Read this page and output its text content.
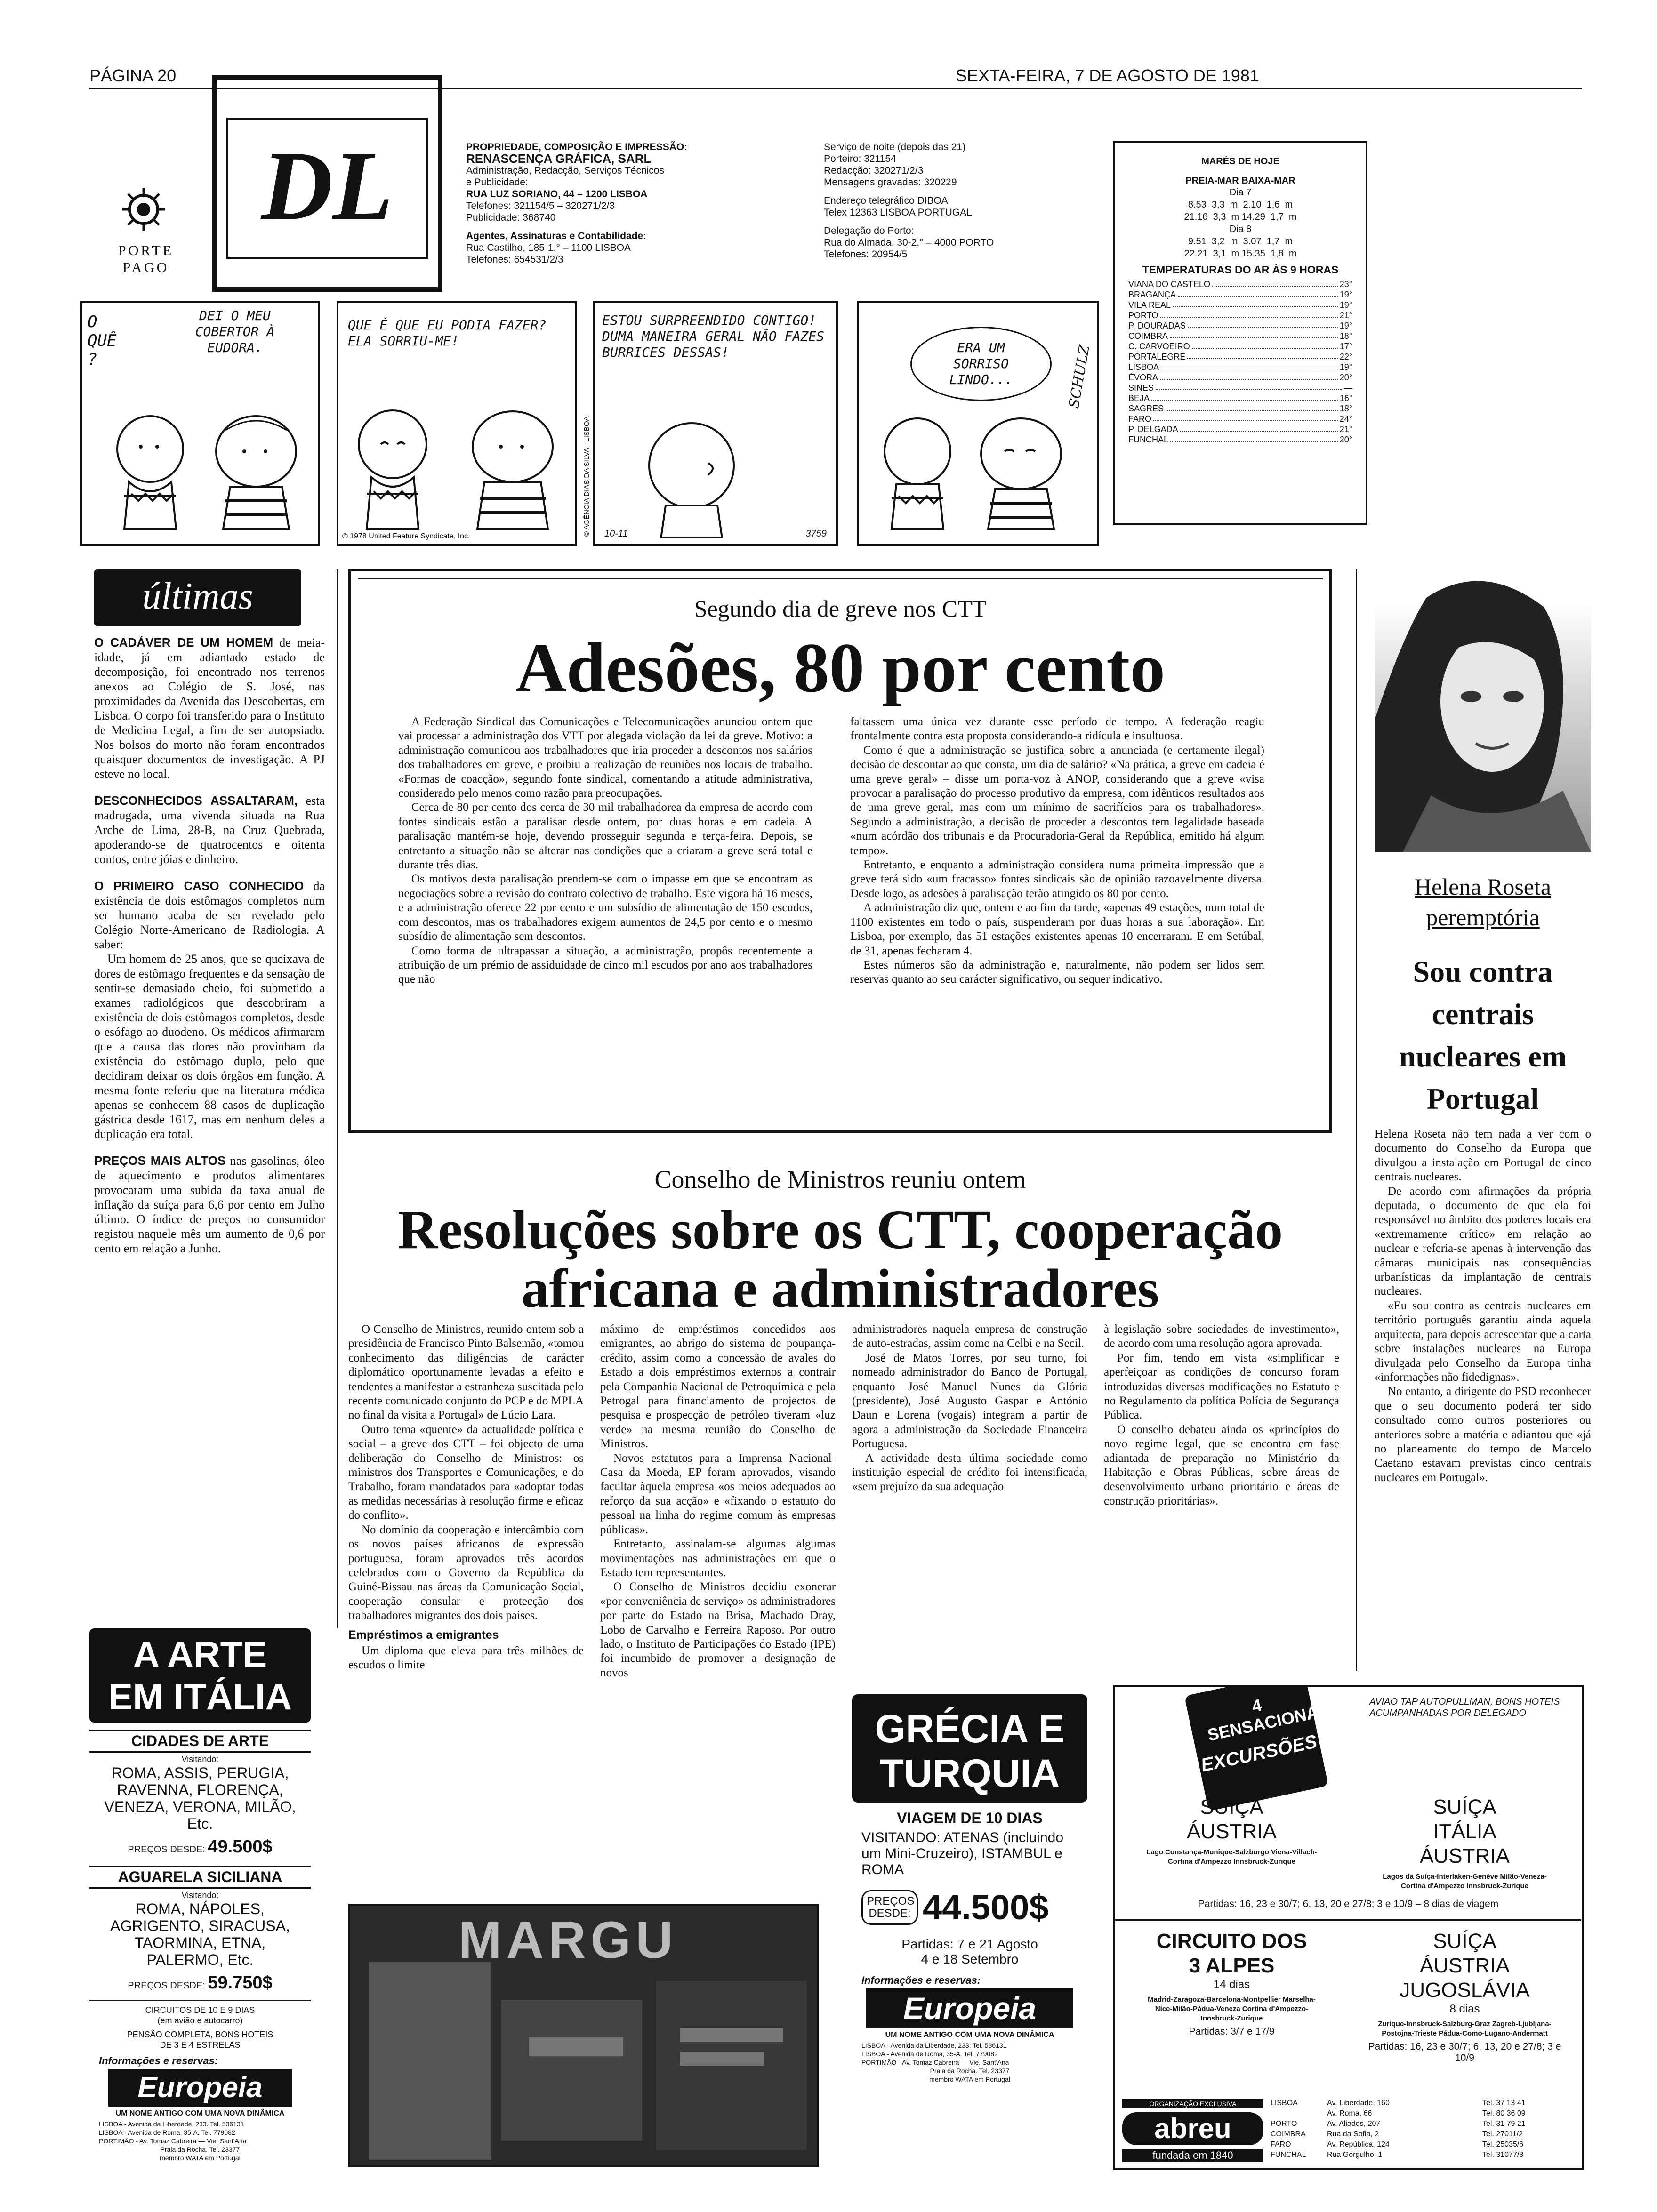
PÁGINA 20	SEXTA-FEIRA, 7 DE AGOSTO DE 1981
PORTE PAGO
DL	PROPRIEDADE, COMPOSIÇÃO E IMPRESSÃO:
RENASCENÇA GRÁFICA, SARL
Administração, Redacção, Serviços Técnicos
e Publicidade:
RUA LUZ SORIANO, 44 – 1200 LISBOA
Telefones: 321154/5 – 320271/2/3
Publicidade: 368740
Agentes, Assinaturas e Contabilidade:
Rua Castilho, 185-1.° – 1100 LISBOA
Telefones: 654531/2/3
Serviço de noite (depois das 21)
Porteiro: 321154
Redacção: 320271/2/3
Mensagens gravadas: 320229
Endereço telegráfico DIBOA
Telex 12363 LISBOA PORTUGAL
Delegação do Porto:
Rua do Almada, 30-2.° – 4000 PORTO
Telefones: 20954/5
MARÉS DE HOJE
PREIA-MAR BAIXA-MAR
Dia 7
8.53  3,3  m  2.10  1,6  m
21.16  3,3  m 14.29  1,7  m
Dia 8
9.51  3,2  m  3.07  1,7  m
22.21  3,1  m 15.35  1,8  m
TEMPERATURAS DO AR ÀS 9 HORAS
VIANA DO CASTELO	23°
BRAGANÇA	19°
VILA REAL	19°
PORTO	21°
P. DOURADAS	19°
COIMBRA	18°
C. CARVOEIRO	17°
PORTALEGRE	22°
LISBOA	19°
ÉVORA	20°
SINES	—
BEJA	16°
SAGRES	18°
FARO	24°
P. DELGADA	21°
FUNCHAL	20°
O QUÊ ?
DEI O MEU COBERTOR À EUDORA.
QUE É QUE EU PODIA FAZER? ELA SORRIU-ME!
© 1978 United Feature Syndicate, Inc.	© AGÊNCIA DIAS DA SILVA - LISBOA
ESTOU SURPREENDIDO CONTIGO! DUMA MANEIRA GERAL NÃO FAZES BURRICES DESSAS!
10-11	3759
ERA UM SORRISO LINDO...	SCHULZ
últimas

O CADÁVER DE UM HOMEM de meia-idade, já em adiantado estado de decomposição, foi encontrado nos terrenos anexos ao Colégio de S. José, nas proximidades da Avenida das Descobertas, em Lisboa. O corpo foi transferido para o Instituto de Medicina Legal, a fim de ser autopsiado. Nos bolsos do morto não foram encontrados quaisquer documentos de investigação. A PJ esteve no local.

DESCONHECIDOS ASSALTARAM, esta madrugada, uma vivenda situada na Rua Arche de Lima, 28-B, na Cruz Quebrada, apoderando-se de quatrocentos e oitenta contos, entre jóias e dinheiro.

O PRIMEIRO CASO CONHECIDO da existência de dois estômagos completos num ser humano acaba de ser revelado pelo Colégio Norte-Americano de Radiologia. A saber:

Um homem de 25 anos, que se queixava de dores de estômago frequentes e da sensação de sentir-se demasiado cheio, foi submetido a exames radiológicos que descobriram a existência de dois estômagos completos, desde o esófago ao duodeno. Os médicos afirmaram que a causa das dores não provinham da existência do estômago duplo, pelo que decidiram deixar os dois órgãos em função. A mesma fonte referiu que na literatura médica apenas se conhecem 88 casos de duplicação gástrica desde 1617, mas em nenhum deles a duplicação era total.

PREÇOS MAIS ALTOS nas gasolinas, óleo de aquecimento e produtos alimentares provocaram uma subida da taxa anual de inflação da suíça para 6,6 por cento em Julho último. O índice de preços no consumidor registou naquele mês um aumento de 0,6 por cento em relação a Junho.

Segundo dia de greve nos CTT
Adesões, 80 por cento

A Federação Sindical das Comunicações e Telecomunicações anunciou ontem que vai processar a administração dos VTT por alegada violação da lei da greve. Motivo: a administração comunicou aos trabalhadores que iria proceder a descontos nos salários dos trabalhadores em greve, e proibiu a realização de reuniões nos locais de trabalho. «Formas de coacção», segundo fonte sindical, comentando a atitude administrativa, considerado pelo menos como razão para preocupações.

Cerca de 80 por cento dos cerca de 30 mil trabalhadorea da empresa de acordo com fontes sindicais estão a paralisar desde ontem, por duas horas e em cadeia. A paralisação mantém-se hoje, devendo prosseguir segunda e terça-feira. Depois, se entretanto a situação não se alterar nas condições que a criaram a greve será total e durante três dias.

Os motivos desta paralisação prendem-se com o impasse em que se encontram as negociações sobre a revisão do contrato colectivo de trabalho. Este vigora há 16 meses, e a administração oferece 22 por cento e um subsídio de alimentação de 150 escudos, com descontos, mas os trabalhadores exigem aumentos de 24,5 por cento e o mesmo subsídio de alimentação sem descontos.

Como forma de ultrapassar a situação, a administração, propôs recentemente a atribuição de um prémio de assiduidade de cinco mil escudos por ano aos trabalhadores que não

faltassem uma única vez durante esse período de tempo. A federação reagiu frontalmente contra esta proposta considerando-a ridícula e insultuosa.

Como é que a administração se justifica sobre a anunciada (e certamente ilegal) decisão de descontar ao que consta, um dia de salário? «Na prática, a greve em cadeia é uma greve geral» – disse um porta-voz à ANOP, considerando que a greve «visa provocar a paralisação do processo produtivo da empresa, com idênticos resultados aos de uma greve geral, mas com um mínimo de sacrifícios para os trabalhadores». Segundo a administração, a decisão de proceder a descontos tem legalidade baseada «num acórdão dos tribunais e da Procuradoria-Geral da República, emitido há algum tempo».

Entretanto, e enquanto a administração considera numa primeira impressão que a greve terá sido «um fracasso» fontes sindicais são de opinião razoavelmente diversa. Desde logo, as adesões à paralisação terão atingido os 80 por cento.

A administração diz que, ontem e ao fim da tarde, «apenas 49 estações, num total de 1100 existentes em todo o país, suspenderam por duas horas a sua laboração». Em Lisboa, por exemplo, das 51 estações existentes apenas 10 encerraram. E em Setúbal, de 31, apenas fecharam 4.

Estes números são da administração e, naturalmente, não podem ser lidos sem reservas quanto ao seu carácter significativo, ou sequer indicativo.

Conselho de Ministros reuniu ontem
Resoluções sobre os CTT, cooperação africana e administradores

O Conselho de Ministros, reunido ontem sob a presidência de Francisco Pinto Balsemão, «tomou conhecimento das diligências de carácter diplomático oportunamente levadas a efeito e tendentes a manifestar a estranheza suscitada pelo recente comunicado conjunto do PCP e do MPLA no final da visita a Portugal» de Lúcio Lara.

Outro tema «quente» da actualidade política e social – a greve dos CTT – foi objecto de uma deliberação do Conselho de Ministros: os ministros dos Transportes e Comunicações, e do Trabalho, foram mandatados para «adoptar todas as medidas necessárias à resolução firme e eficaz do conflito».

No domínio da cooperação e intercâmbio com os novos países africanos de expressão portuguesa, foram aprovados três acordos celebrados com o Governo da República da Guiné-Bissau nas áreas da Comunicação Social, cooperação consular e protecção dos trabalhadores migrantes dos dois países.

Empréstimos a emigrantes

Um diploma que eleva para três milhões de escudos o limite

máximo de empréstimos concedidos aos emigrantes, ao abrigo do sistema de poupança-crédito, assim como a concessão de avales do Estado a dois empréstimos externos a contrair pela Companhia Nacional de Petroquímica e pela Petrogal para financiamento de projectos de pesquisa e prospecção de petróleo tiveram «luz verde» na mesma reunião do Conselho de Ministros.

Novos estatutos para a Imprensa Nacional-Casa da Moeda, EP foram aprovados, visando facultar àquela empresa «os meios adequados ao reforço da sua acção» e «fixando o estatuto do pessoal na linha do regime comum às empresas públicas».

Entretanto, assinalam-se algumas algumas movimentações nas administrações em que o Estado tem representantes.

O Conselho de Ministros decidiu exonerar «por conveniência de serviço» os administradores por parte do Estado na Brisa, Machado Dray, Lobo de Carvalho e Ferreira Raposo. Por outro lado, o Instituto de Participações do Estado (IPE) foi incumbido de promover a designação de novos

administradores naquela empresa de construção de auto-estradas, assim como na Celbi e na Secil.

José de Matos Torres, por seu turno, foi nomeado administrador do Banco de Portugal, enquanto José Manuel Nunes da Glória (presidente), José Augusto Gaspar e António Daun e Lorena (vogais) integram a partir de agora a administração da Sociedade Financeira Portuguesa.

A actividade desta última sociedade como instituição especial de crédito foi intensificada, «sem prejuízo da sua adequação

à legislação sobre sociedades de investimento», de acordo com uma resolução agora aprovada.

Por fim, tendo em vista «simplificar e aperfeiçoar as condições de concurso foram introduzidas diversas modificações no Estatuto e no Regulamento da política Polícia de Segurança Pública.

O conselho debateu ainda os «princípios do novo regime legal, que se encontra em fase adiantada de preparação no Ministério da Habitação e Obras Públicas, sobre áreas de desenvolvimento urbano prioritário e áreas de construção prioritárias».

Helena Roseta
peremptória
Sou contra centrais nucleares em Portugal

Helena Roseta não tem nada a ver com o documento do Conselho da Europa que divulgou a instalação em Portugal de cinco centrais nucleares.

De acordo com afirmações da própria deputada, o documento de que ela foi responsável no âmbito dos poderes locais era «extremamente crítico» em relação ao nuclear e referia-se apenas à intervenção das câmaras municipais nas consequências urbanísticas da implantação de centrais nucleares.

«Eu sou contra as centrais nucleares em território português garantiu ainda aquela arquitecta, para depois acrescentar que a carta sobre instalações nucleares na Europa divulgada pelo Conselho da Europa tinha «informações não fidedignas».

No entanto, a dirigente do PSD reconhecer que o seu documento poderá ter sido consultado como outros posteriores ou anteriores sobre a matéria e adiantou que «já no planeamento do tempo de Marcelo Caetano estavam previstas cinco centrais nucleares em Portugal».

A ARTE
EM ITÁLIA
CIDADES DE ARTE
Visitando:
ROMA, ASSIS, PERUGIA, RAVENNA, FLORENÇA, VENEZA, VERONA, MILÃO, Etc.
PREÇOS DESDE: 49.500$
AGUARELA SICILIANA
Visitando:
ROMA, NÁPOLES, AGRIGENTO, SIRACUSA, TAORMINA, ETNA, PALERMO, Etc.
PREÇOS DESDE: 59.750$
CIRCUITOS DE 10 E 9 DIAS
(em avião e autocarro)
PENSÃO COMPLETA, BONS HOTEIS
DE 3 E 4 ESTRELAS
Informações e reservas:
Europeia
UM NOME ANTIGO COM UMA NOVA DINÂMICA
LISBOA - Avenida da Liberdade, 233. Tel. 536131
LISBOA - Avenida de Roma, 35-A. Tel. 779082
PORTIMÃO - Av. Tomaz Cabreira — Vie. Sant'Ana
Praia da Rocha. Tel. 23377
membro WATA em Portugal
MARGU
GRÉCIA E
TURQUIA
VIAGEM DE 10 DIAS
VISITANDO: ATENAS (incluindo um Mini-Cruzeiro), ISTAMBUL e ROMA
PREÇOS DESDE: 44.500$
Partidas: 7 e 21 Agosto
4 e 18 Setembro
Informações e reservas:
Europeia
UM NOME ANTIGO COM UMA NOVA DINÂMICA
LISBOA - Avenida da Liberdade, 233. Tel. 536131
LISBOA - Avenida de Roma, 35-A. Tel. 779082
PORTIMÃO - Av. Tomaz Cabreira — Vie. Sant'Ana
Praia da Rocha. Tel. 23377
membro WATA em Portugal
4 SENSACIONAIS
EXCURSÕES
AVIAO TAP AUTOPULLMAN, BONS HOTEIS ACUMPANHADAS POR DELEGADO
SUÍÇA ÁUSTRIA
Lago Constança-Munique-Salzburgo Viena-Villach-Cortina d'Ampezzo Innsbruck-Zurique
SUÍÇA ITÁLIA ÁUSTRIA
Lagos da Suíça-Interlaken-Genève Milão-Veneza-Cortina d'Ampezzo Innsbruck-Zurique
Partidas: 16, 23 e 30/7; 6, 13, 20 e 27/8; 3 e 10/9 – 8 dias de viagem
CIRCUITO DOS 3 ALPES
14 dias
Madrid-Zaragoza-Barcelona-Montpellier Marselha-Nice-Milão-Pádua-Veneza Cortina d'Ampezzo-Innsbruck-Zurique
Partidas: 3/7 e 17/9
SUÍÇA ÁUSTRIA JUGOSLÁVIA
8 dias
Zurique-Innsbruck-Salzburg-Graz Zagreb-Ljubljana-Postojna-Trieste Pádua-Como-Lugano-Andermatt
Partidas: 16, 23 e 30/7; 6, 13, 20 e 27/8; 3 e 10/9
ORGANIZAÇÃO EXCLUSIVA
abreu
fundada em 1840
LISBOA	Av. Liberdade, 160	Tel. 37 13 41
Av. Roma, 66	Tel. 80 36 09
PORTO	Av. Aliados, 207	Tel. 31 79 21
COIMBRA	Rua da Sofia, 2	Tel. 27011/2
FARO	Av. República, 124	Tel. 25035/6
FUNCHAL	Rua Gorgulho, 1	Tel. 31077/8
